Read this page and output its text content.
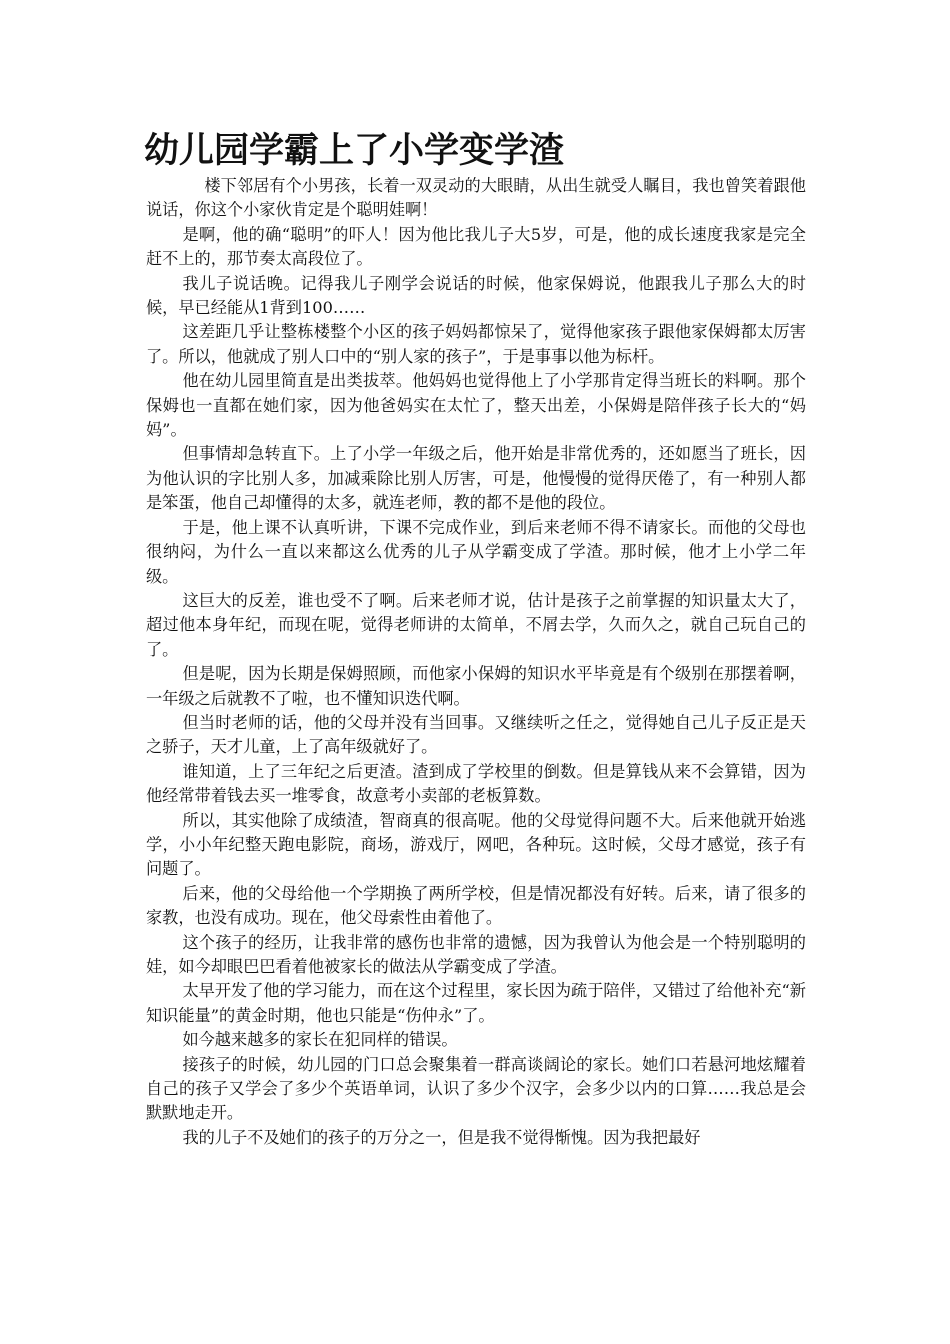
幼儿园学霸上了小学变学渣

楼下邻居有个小男孩，长着一双灵动的大眼睛，从出生就受人瞩目，我也曾笑着跟他说话，你这个小家伙肯定是个聪明娃啊！

是啊，他的确“聪明”的吓人！因为他比我儿子大5岁，可是，他的成长速度我家是完全赶不上的，那节奏太高段位了。

我儿子说话晚。记得我儿子刚学会说话的时候，他家保姆说，他跟我儿子那么大的时候，早已经能从1背到100……

这差距几乎让整栋楼整个小区的孩子妈妈都惊呆了，觉得他家孩子跟他家保姆都太厉害了。所以，他就成了别人口中的“别人家的孩子”，于是事事以他为标杆。

他在幼儿园里简直是出类拔萃。他妈妈也觉得他上了小学那肯定得当班长的料啊。那个保姆也一直都在她们家，因为他爸妈实在太忙了，整天出差，小保姆是陪伴孩子长大的“妈妈”。

但事情却急转直下。上了小学一年级之后，他开始是非常优秀的，还如愿当了班长，因为他认识的字比别人多，加减乘除比别人厉害，可是，他慢慢的觉得厌倦了，有一种别人都是笨蛋，他自己却懂得的太多，就连老师，教的都不是他的段位。

于是，他上课不认真听讲，下课不完成作业，到后来老师不得不请家长。而他的父母也很纳闷，为什么一直以来都这么优秀的儿子从学霸变成了学渣。那时候，他才上小学二年级。

这巨大的反差，谁也受不了啊。后来老师才说，估计是孩子之前掌握的知识量太大了，超过他本身年纪，而现在呢，觉得老师讲的太简单，不屑去学，久而久之，就自己玩自己的了。

但是呢，因为长期是保姆照顾，而他家小保姆的知识水平毕竟是有个级别在那摆着啊，一年级之后就教不了啦，也不懂知识迭代啊。

但当时老师的话，他的父母并没有当回事。又继续听之任之，觉得她自己儿子反正是天之骄子，天才儿童，上了高年级就好了。

谁知道，上了三年纪之后更渣。渣到成了学校里的倒数。但是算钱从来不会算错，因为他经常带着钱去买一堆零食，故意考小卖部的老板算数。

所以，其实他除了成绩渣，智商真的很高呢。他的父母觉得问题不大。后来他就开始逃学，小小年纪整天跑电影院，商场，游戏厅，网吧，各种玩。这时候，父母才感觉，孩子有问题了。

后来，他的父母给他一个学期换了两所学校，但是情况都没有好转。后来，请了很多的家教，也没有成功。现在，他父母索性由着他了。

这个孩子的经历，让我非常的感伤也非常的遗憾，因为我曾认为他会是一个特别聪明的娃，如今却眼巴巴看着他被家长的做法从学霸变成了学渣。

太早开发了他的学习能力，而在这个过程里，家长因为疏于陪伴，又错过了给他补充“新知识能量”的黄金时期，他也只能是“伤仲永”了。

如今越来越多的家长在犯同样的错误。

接孩子的时候，幼儿园的门口总会聚集着一群高谈阔论的家长。她们口若悬河地炫耀着自己的孩子又学会了多少个英语单词，认识了多少个汉字，会多少以内的口算……我总是会默默地走开。

我的儿子不及她们的孩子的万分之一，但是我不觉得惭愧。因为我把最好
